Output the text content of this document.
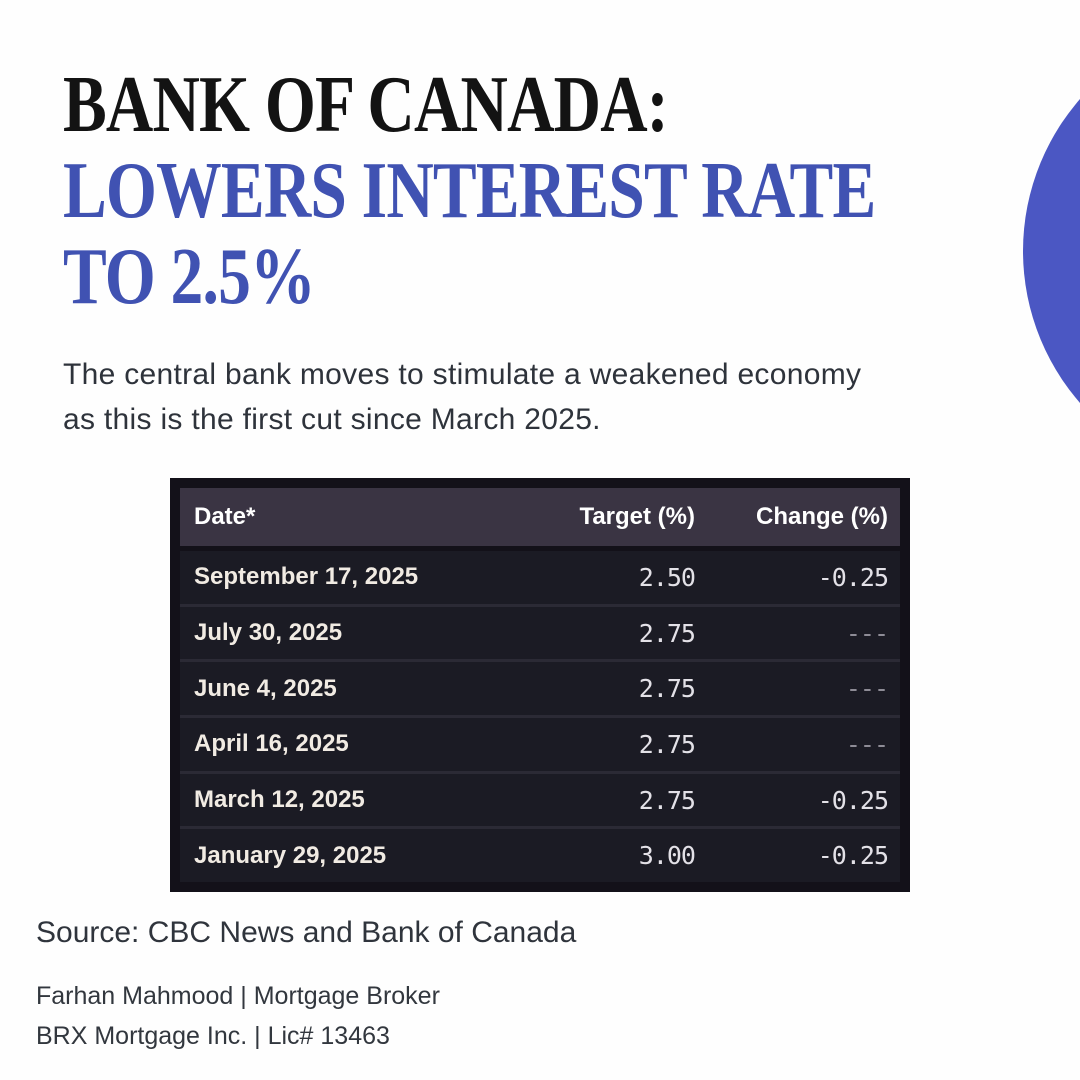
BANK OF CANADA:
LOWERS INTEREST RATE
TO 2.5%

The central bank moves to stimulate a weakened economy
as this is the first cut since March 2025.

Date*	Target (%)	Change (%)
September 17, 2025	2.50	-0.25
July 30, 2025	2.75	---
June 4, 2025	2.75	---
April 16, 2025	2.75	---
March 12, 2025	2.75	-0.25
January 29, 2025	3.00	-0.25

Source: CBC News and Bank of Canada

Farhan Mahmood | Mortgage Broker
BRX Mortgage Inc. | Lic# 13463
